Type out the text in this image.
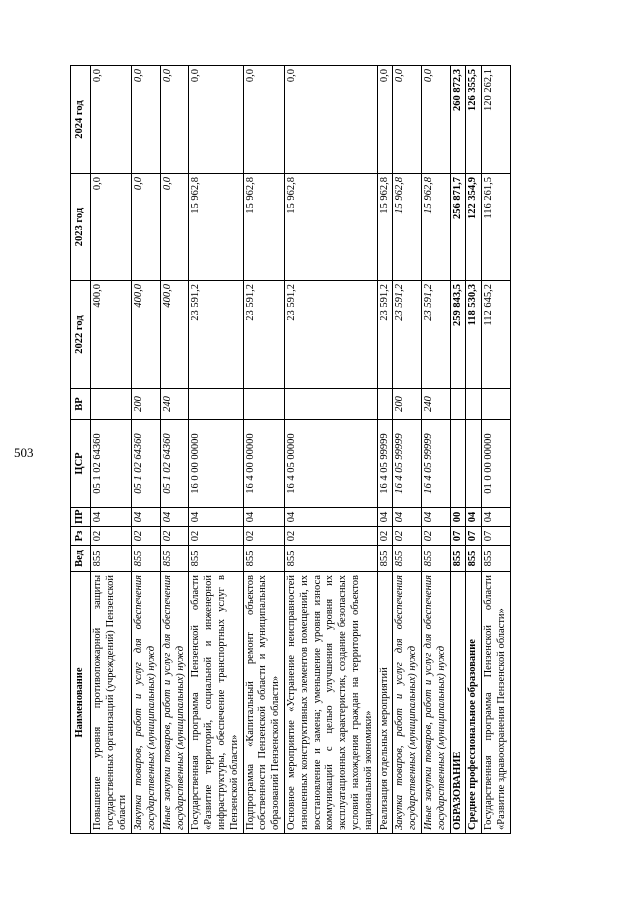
503
Наименование	Вед	Рз	ПР	ЦСР	ВР	2022 год	2023 год	2024 год
Повышение уровня противопожарной защиты государственных организаций (учреждений) Пензенской области	855	02	04	05 1 02 64360		400,0	0,0	0,0
Закупка товаров, работ и услуг для обеспечения государственных (муниципальных) нужд	855	02	04	05 1 02 64360	200	400,0	0,0	0,0
Иные закупки товаров, работ и услуг для обеспечения государственных (муниципальных) нужд	855	02	04	05 1 02 64360	240	400,0	0,0	0,0
Государственная программа Пензенской области «Развитие территорий, социальной и инженерной инфраструктуры, обеспечение транспортных услуг в Пензенской области»	855	02	04	16 0 00 00000		23 591,2	15 962,8	0,0
Подпрограмма «Капитальный ремонт объектов собственности Пензенской области и муниципальных образований Пензенской области»	855	02	04	16 4 00 00000		23 591,2	15 962,8	0,0
Основное мероприятие «Устранение неисправностей изношенных конструктивных элементов помещений, их восстановление и замена; уменьшение уровня износа коммуникаций с целью улучшения уровня их эксплуатационных характеристик, создание безопасных условий нахождения граждан на территории объектов национальной экономики»	855	02	04	16 4 05 00000		23 591,2	15 962,8	0,0
Реализация отдельных мероприятий	855	02	04	16 4 05 99999		23 591,2	15 962,8	0,0
Закупка товаров, работ и услуг для обеспечения государственных (муниципальных) нужд	855	02	04	16 4 05 99999	200	23 591,2	15 962,8	0,0
Иные закупки товаров, работ и услуг для обеспечения государственных (муниципальных) нужд	855	02	04	16 4 05 99999	240	23 591,2	15 962,8	0,0
ОБРАЗОВАНИЕ	855	07	00			259 843,5	256 871,7	260 872,3
Среднее профессиональное образование	855	07	04			118 530,3	122 354,9	126 355,5
Государственная программа Пензенской области «Развитие здравоохранения Пензенской области»	855	07	04	01 0 00 00000		112 645,2	116 261,5	120 262,1
